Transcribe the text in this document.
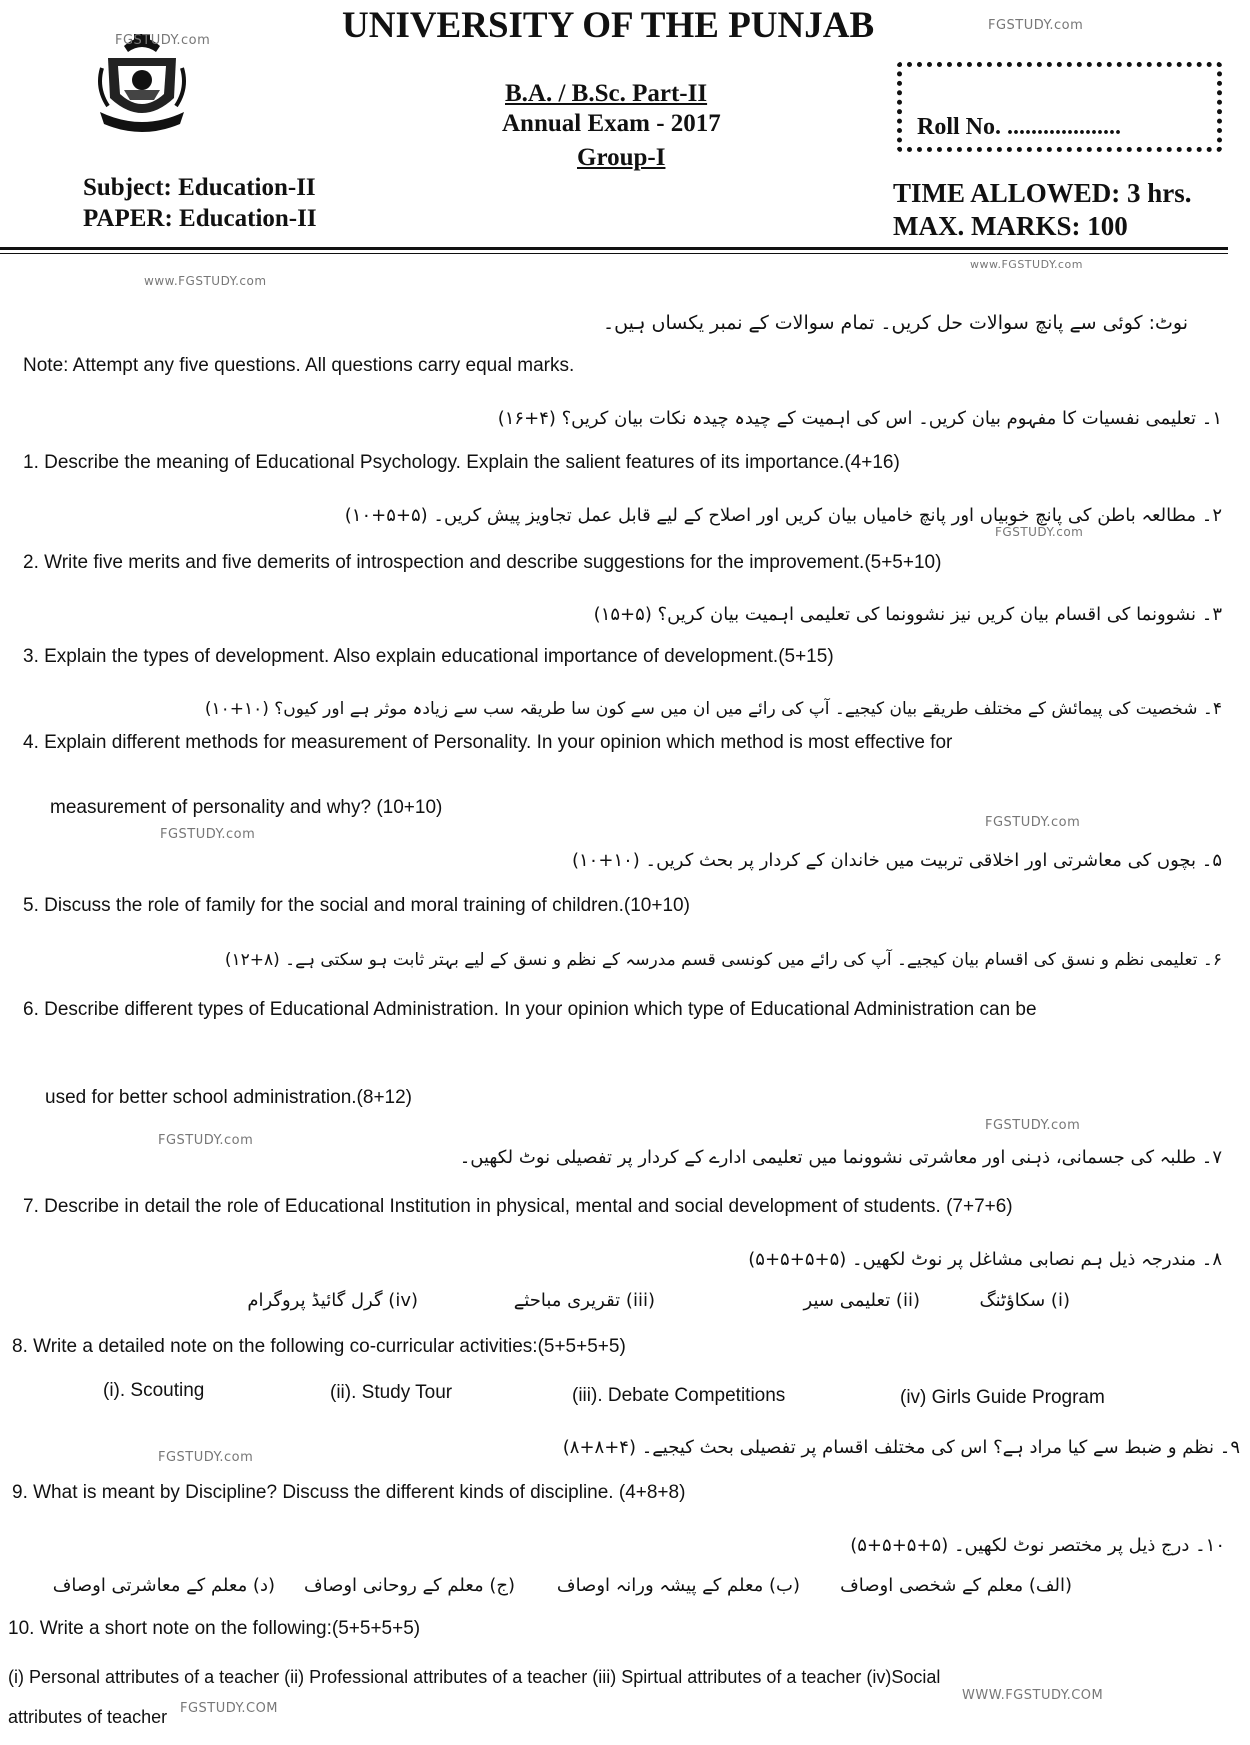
FGSTUDY.com
FGSTUDY.com
www.FGSTUDY.com
www.FGSTUDY.com
FGSTUDY.com
FGSTUDY.com
FGSTUDY.com
FGSTUDY.com
FGSTUDY.com
FGSTUDY.com
FGSTUDY.COM
WWW.FGSTUDY.COM
UNIVERSITY OF THE PUNJAB
B.A. / B.Sc. Part-II
Annual Exam - 2017
Group-I
Roll No. ...................
Subject: Education-II
PAPER: Education-II
TIME ALLOWED: 3 hrs.
MAX. MARKS: 100
نوٹ: کوئی سے پانچ سوالات حل کریں۔ تمام سوالات کے نمبر یکساں ہیں۔
Note: Attempt any five questions. All questions carry equal marks.
۱۔ تعلیمی نفسیات کا مفہوم بیان کریں۔ اس کی اہمیت کے چیدہ چیدہ نکات بیان کریں؟ (۴+۱۶)
1. Describe the meaning of Educational Psychology. Explain the salient features of its importance.(4+16)
۲۔ مطالعہ باطن کی پانچ خوبیاں اور پانچ خامیاں بیان کریں اور اصلاح کے لیے قابل عمل تجاویز پیش کریں۔ (۵+۵+۱۰)
2. Write five merits and five demerits of introspection and describe suggestions for the improvement.(5+5+10)
۳۔ نشوونما کی اقسام بیان کریں نیز نشوونما کی تعلیمی اہمیت بیان کریں؟ (۵+۱۵)
3. Explain the types of development. Also explain educational importance of development.(5+15)
۴۔ شخصیت کی پیمائش کے مختلف طریقے بیان کیجیے۔ آپ کی رائے میں ان میں سے کون سا طریقہ سب سے زیادہ موثر ہے اور کیوں؟ (۱۰+۱۰)
4. Explain different methods for measurement of Personality. In your opinion which method is most effective for
measurement of personality and why? (10+10)
۵۔ بچوں کی معاشرتی اور اخلاقی تربیت میں خاندان کے کردار پر بحث کریں۔ (۱۰+۱۰)
5. Discuss the role of family for the social and moral training of children.(10+10)
۶۔ تعلیمی نظم و نسق کی اقسام بیان کیجیے۔ آپ کی رائے میں کونسی قسم مدرسہ کے نظم و نسق کے لیے بہتر ثابت ہو سکتی ہے۔ (۸+۱۲)
6. Describe different types of Educational Administration. In your opinion which type of Educational Administration can be
used for better school administration.(8+12)
۷۔ طلبہ کی جسمانی، ذہنی اور معاشرتی نشوونما میں تعلیمی ادارے کے کردار پر تفصیلی نوٹ لکھیں۔
7. Describe in detail the role of Educational Institution in physical, mental and social development of students. (7+7+6)
۸۔ مندرجہ ذیل ہم نصابی مشاغل پر نوٹ لکھیں۔ (۵+۵+۵+۵)
(i) سکاؤٹنگ
(ii) تعلیمی سیر
(iii) تقریری مباحثے
(iv) گرل گائیڈ پروگرام
8. Write a detailed note on the following co-curricular activities:(5+5+5+5)
(i). Scouting	(ii). Study Tour	(iii). Debate Competitions	(iv) Girls Guide Program
۹۔ نظم و ضبط سے کیا مراد ہے؟ اس کی مختلف اقسام پر تفصیلی بحث کیجیے۔ (۴+۸+۸)
9. What is meant by Discipline? Discuss the different kinds of discipline. (4+8+8)
۱۰۔ درج ذیل پر مختصر نوٹ لکھیں۔ (۵+۵+۵+۵)
(الف) معلم کے شخصی اوصاف
(ب) معلم کے پیشہ ورانہ اوصاف
(ج) معلم کے روحانی اوصاف
(د) معلم کے معاشرتی اوصاف
10. Write a short note on the following:(5+5+5+5)
(i) Personal attributes of a teacher (ii) Professional attributes of a teacher (iii) Spirtual attributes of a teacher (iv)Social
attributes of teacher
